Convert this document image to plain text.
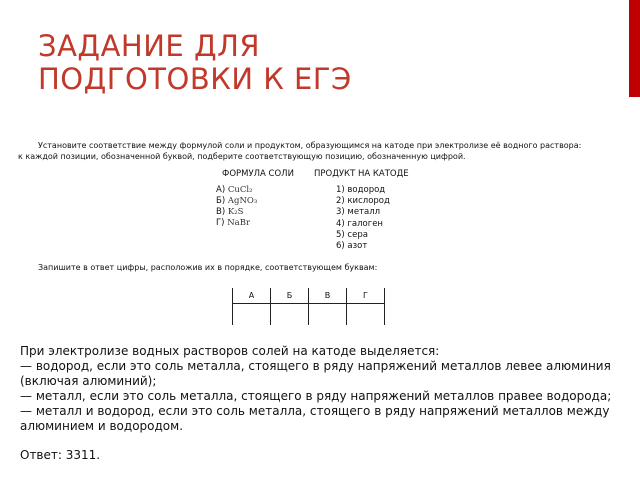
ЗАДАНИЕ ДЛЯ
ПОДГОТОВКИ К ЕГЭ
Установите соответствие между формулой соли и продуктом, образующимся на катоде при электролизе её водного раствора:
к каждой позиции, обозначенной буквой, подберите соответствующую позицию, обозначенную цифрой.
ФОРМУЛА СОЛИ ПРОДУКТ НА КАТОДЕ
А) CuCl₂
Б) AgNO₃
В) K₂S
Г) NaBr
1) водород
2) кислород
3) металл
4) галоген
5) сера
6) азот
Запишите в ответ цифры, расположив их в порядке, соответствующем буквам:
А	Б	В	Г

При электролизе водных растворов солей на катоде выделяется:

— водород, если это соль металла, стоящего в ряду напряжений металлов левее алюминия (включая алюминий);

— металл, если это соль металла, стоящего в ряду напряжений металлов правее водорода;

— металл и водород, если это соль металла, стоящего в ряду напряжений металлов между алюминием и водородом.

Ответ: 3311.
